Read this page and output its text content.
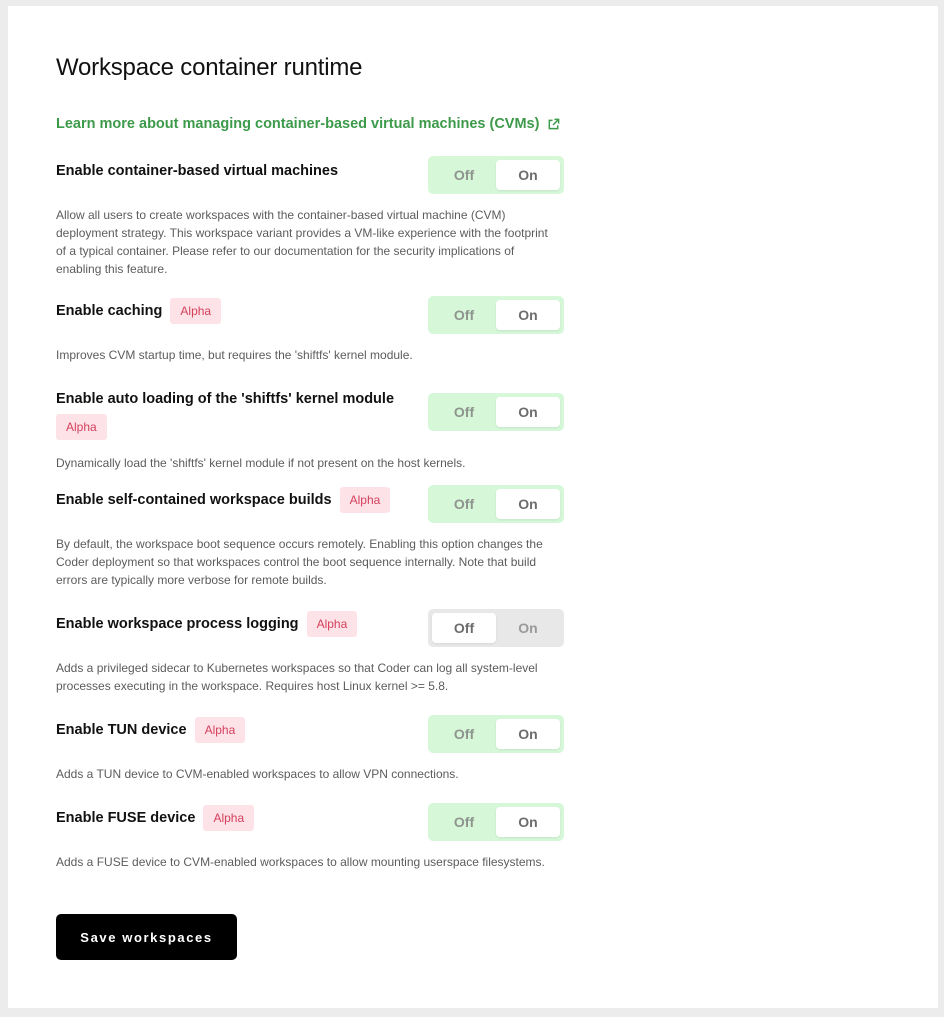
Workspace container runtime
Learn more about managing container-based virtual machines (CVMs)
Enable container-based virtual machines	Off	On

Allow all users to create workspaces with the container-based virtual machine (CVM) deployment strategy. This workspace variant provides a VM-like experience with the footprint of a typical container. Please refer to our documentation for the security implications of enabling this feature.

Enable caching Alpha	Off	On

Improves CVM startup time, but requires the 'shiftfs' kernel module.

Enable auto loading of the 'shiftfs' kernel module
Alpha
Off	On

Dynamically load the 'shiftfs' kernel module if not present on the host kernels.

Enable self-contained workspace builds Alpha	Off	On

By default, the workspace boot sequence occurs remotely. Enabling this option changes the Coder deployment so that workspaces control the boot sequence internally. Note that build errors are typically more verbose for remote builds.

Enable workspace process logging Alpha	Off	On

Adds a privileged sidecar to Kubernetes workspaces so that Coder can log all system-level processes executing in the workspace. Requires host Linux kernel >= 5.8.

Enable TUN device Alpha	Off	On

Adds a TUN device to CVM-enabled workspaces to allow VPN connections.

Enable FUSE device Alpha	Off	On

Adds a FUSE device to CVM-enabled workspaces to allow mounting userspace filesystems.

Save workspaces
